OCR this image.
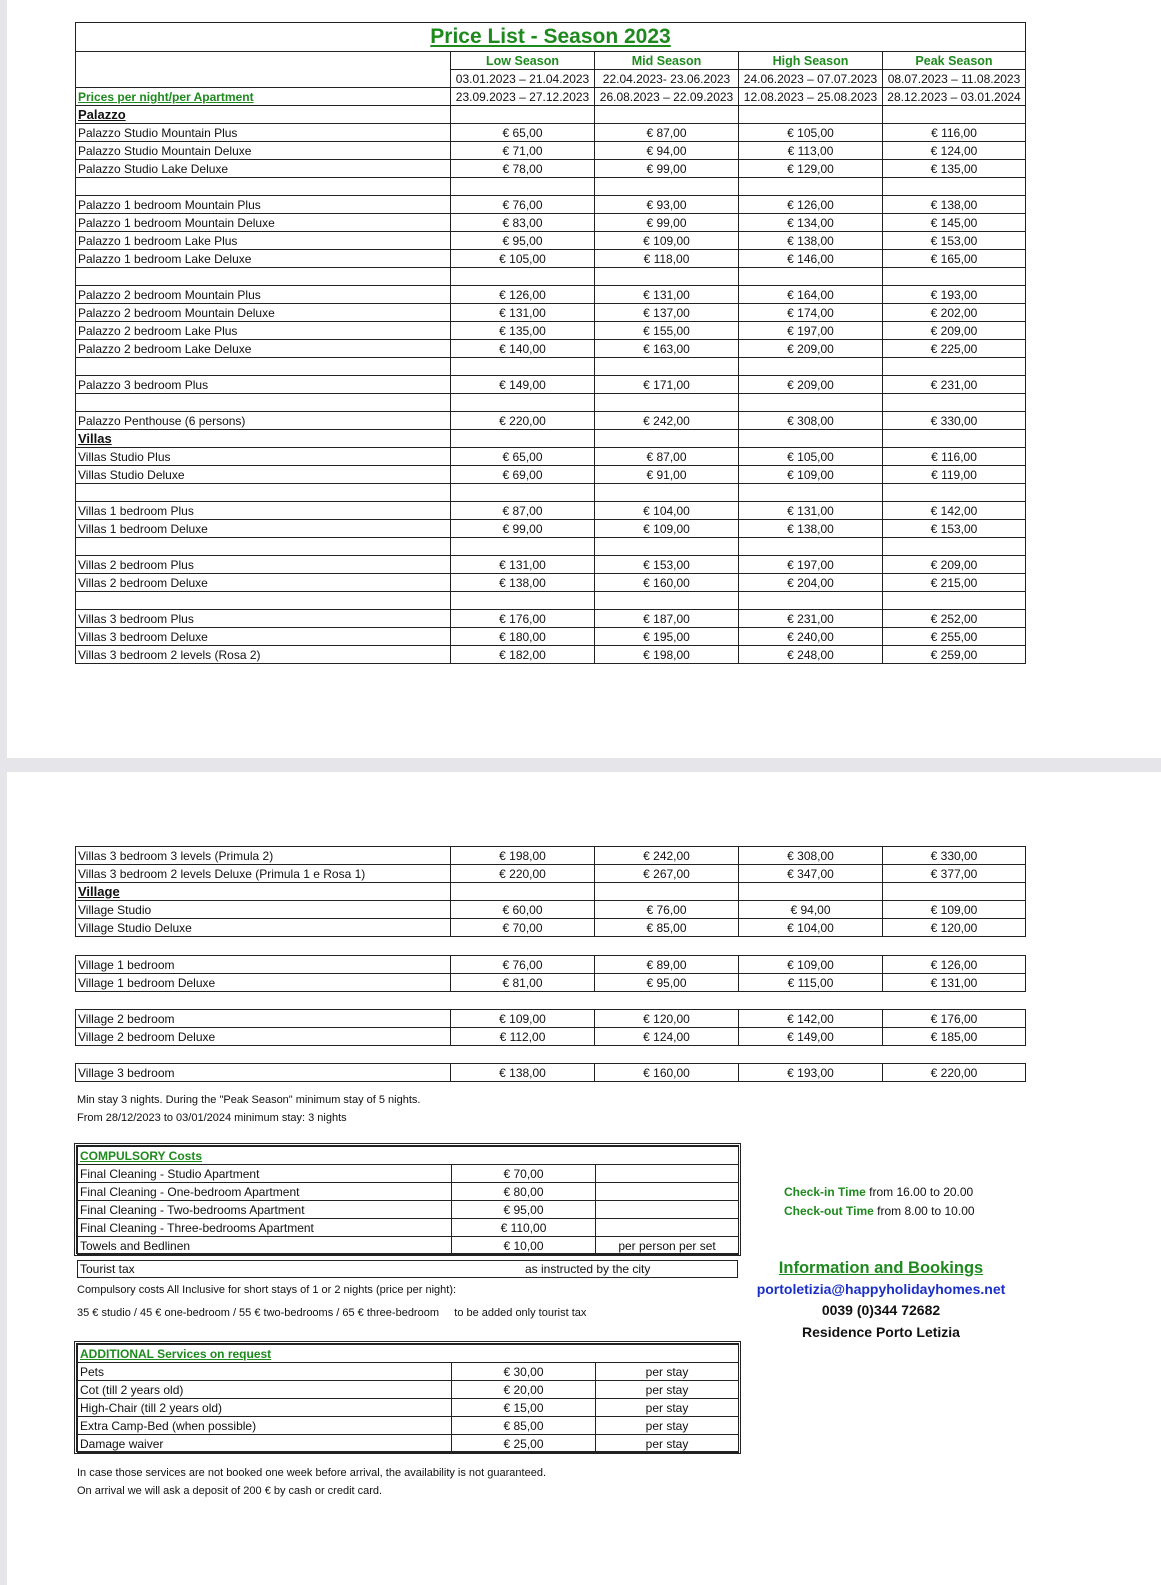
Price List - Season 2023				
	Low Season	Mid Season	High Season	Peak Season
	03.01.2023 – 21.04.2023	22.04.2023- 23.06.2023	24.06.2023 – 07.07.2023	08.07.2023 – 11.08.2023
Prices per night/per Apartment	23.09.2023 – 27.12.2023	26.08.2023 – 22.09.2023	12.08.2023 – 25.08.2023	28.12.2023 – 03.01.2024
Palazzo				
Palazzo Studio Mountain Plus	€ 65,00	€ 87,00	€ 105,00	€ 116,00
Palazzo Studio Mountain Deluxe	€ 71,00	€ 94,00	€ 113,00	€ 124,00
Palazzo Studio Lake Deluxe	€ 78,00	€ 99,00	€ 129,00	€ 135,00

Palazzo 1 bedroom Mountain Plus	€ 76,00	€ 93,00	€ 126,00	€ 138,00
Palazzo 1 bedroom Mountain Deluxe	€ 83,00	€ 99,00	€ 134,00	€ 145,00
Palazzo 1 bedroom Lake Plus	€ 95,00	€ 109,00	€ 138,00	€ 153,00
Palazzo 1 bedroom Lake Deluxe	€ 105,00	€ 118,00	€ 146,00	€ 165,00

Palazzo 2 bedroom Mountain Plus	€ 126,00	€ 131,00	€ 164,00	€ 193,00
Palazzo 2 bedroom Mountain Deluxe	€ 131,00	€ 137,00	€ 174,00	€ 202,00
Palazzo 2 bedroom Lake Plus	€ 135,00	€ 155,00	€ 197,00	€ 209,00
Palazzo 2 bedroom Lake Deluxe	€ 140,00	€ 163,00	€ 209,00	€ 225,00

Palazzo 3 bedroom Plus	€ 149,00	€ 171,00	€ 209,00	€ 231,00

Palazzo Penthouse (6 persons)	€ 220,00	€ 242,00	€ 308,00	€ 330,00
Villas				
Villas Studio Plus	€ 65,00	€ 87,00	€ 105,00	€ 116,00
Villas Studio Deluxe	€ 69,00	€ 91,00	€ 109,00	€ 119,00

Villas 1 bedroom Plus	€ 87,00	€ 104,00	€ 131,00	€ 142,00
Villas 1 bedroom Deluxe	€ 99,00	€ 109,00	€ 138,00	€ 153,00

Villas 2 bedroom Plus	€ 131,00	€ 153,00	€ 197,00	€ 209,00
Villas 2 bedroom Deluxe	€ 138,00	€ 160,00	€ 204,00	€ 215,00

Villas 3 bedroom Plus	€ 176,00	€ 187,00	€ 231,00	€ 252,00
Villas 3 bedroom Deluxe	€ 180,00	€ 195,00	€ 240,00	€ 255,00
Villas 3 bedroom 2 levels (Rosa 2)	€ 182,00	€ 198,00	€ 248,00	€ 259,00
Villas 3 bedroom 3 levels (Primula 2)	€ 198,00	€ 242,00	€ 308,00	€ 330,00
Villas 3 bedroom 2 levels Deluxe (Primula 1 e Rosa 1)	€ 220,00	€ 267,00	€ 347,00	€ 377,00
Village				
Village Studio	€ 60,00	€ 76,00	€ 94,00	€ 109,00
Village Studio Deluxe	€ 70,00	€ 85,00	€ 104,00	€ 120,00
Village 1 bedroom	€ 76,00	€ 89,00	€ 109,00	€ 126,00
Village 1 bedroom Deluxe	€ 81,00	€ 95,00	€ 115,00	€ 131,00
Village 2 bedroom	€ 109,00	€ 120,00	€ 142,00	€ 176,00
Village 2 bedroom Deluxe	€ 112,00	€ 124,00	€ 149,00	€ 185,00
Village 3 bedroom	€ 138,00	€ 160,00	€ 193,00	€ 220,00
Min stay 3 nights. During the "Peak Season" minimum stay of 5 nights.
From 28/12/2023 to 03/01/2024 minimum stay: 3 nights
COMPULSORY Costs		
Final Cleaning - Studio Apartment	€ 70,00	
Final Cleaning - One-bedroom Apartment	€ 80,00	
Final Cleaning - Two-bedrooms Apartment	€ 95,00	
Final Cleaning - Three-bedrooms Apartment	€ 110,00	
Towels and Bedlinen	€ 10,00	per person per set
Tourist tax	as instructed by the city
Compulsory costs All Inclusive for short stays of 1 or 2 nights (price per night):
35 € studio / 45 € one-bedroom / 55 € two-bedrooms / 65 € three-bedroom     to be added only tourist tax
Check-in Time from 16.00 to 20.00
Check-out Time from 8.00 to 10.00
Information and Bookings
portoletizia@happyholidayhomes.net
0039 (0)344 72682
Residence Porto Letizia
ADDITIONAL Services on request		
Pets	€ 30,00	per stay
Cot (till 2 years old)	€ 20,00	per stay
High-Chair (till 2 years old)	€ 15,00	per stay
Extra Camp-Bed (when possible)	€ 85,00	per stay
Damage waiver	€ 25,00	per stay
In case those services are not booked one week before arrival, the availability is not guaranteed.
On arrival we will ask a deposit of 200 € by cash or credit card.
